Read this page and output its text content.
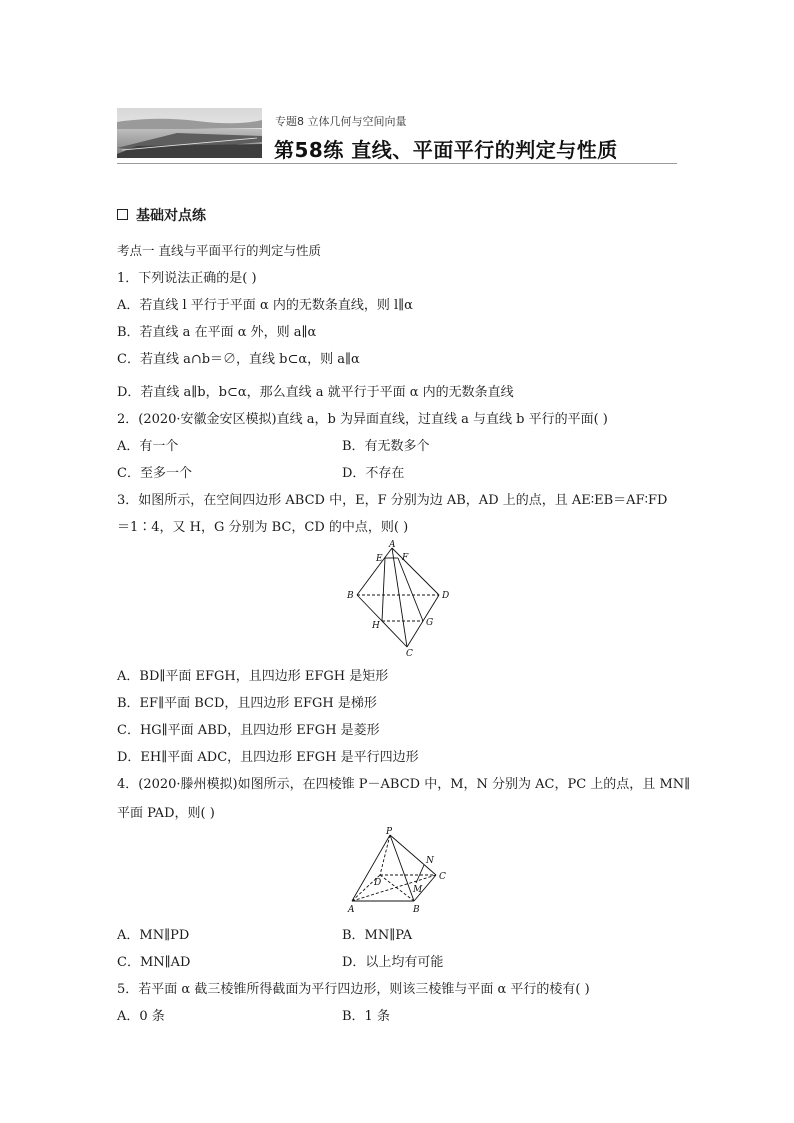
专题8 立体几何与空间向量
第58练 直线、平面平行的判定与性质
基础对点练
考点一 直线与平面平行的判定与性质
1．下列说法正确的是( )
A．若直线 l 平行于平面 α 内的无数条直线，则 l∥α
B．若直线 a 在平面 α 外，则 a∥α
C．若直线 a∩b＝∅，直线 b⊂α，则 a∥α
D．若直线 a∥b，b⊂α，那么直线 a 就平行于平面 α 内的无数条直线
2．(2020·安徽金安区模拟)直线 a，b 为异面直线，过直线 a 与直线 b 平行的平面( )
A．有一个	B．有无数多个
C．至多一个	D．不存在
3．如图所示，在空间四边形 ABCD 中，E，F 分别为边 AB，AD 上的点，且 AE∶EB＝AF∶FD
＝1∶4，又 H，G 分别为 BC，CD 的中点，则( )
A
E F
B	D
H	G
C
A．BD∥平面 EFGH，且四边形 EFGH 是矩形
B．EF∥平面 BCD，且四边形 EFGH 是梯形
C．HG∥平面 ABD，且四边形 EFGH 是菱形
D．EH∥平面 ADC，且四边形 EFGH 是平行四边形
4．(2020·滕州模拟)如图所示，在四棱锥 P－ABCD 中，M，N 分别为 AC，PC 上的点，且 MN∥
平面 PAD，则( )
P
N
D
C
M
A	B
A．MN∥PD	B．MN∥PA
C．MN∥AD	D．以上均有可能
5．若平面 α 截三棱锥所得截面为平行四边形，则该三棱锥与平面 α 平行的棱有( )
A．0 条	B．1 条
